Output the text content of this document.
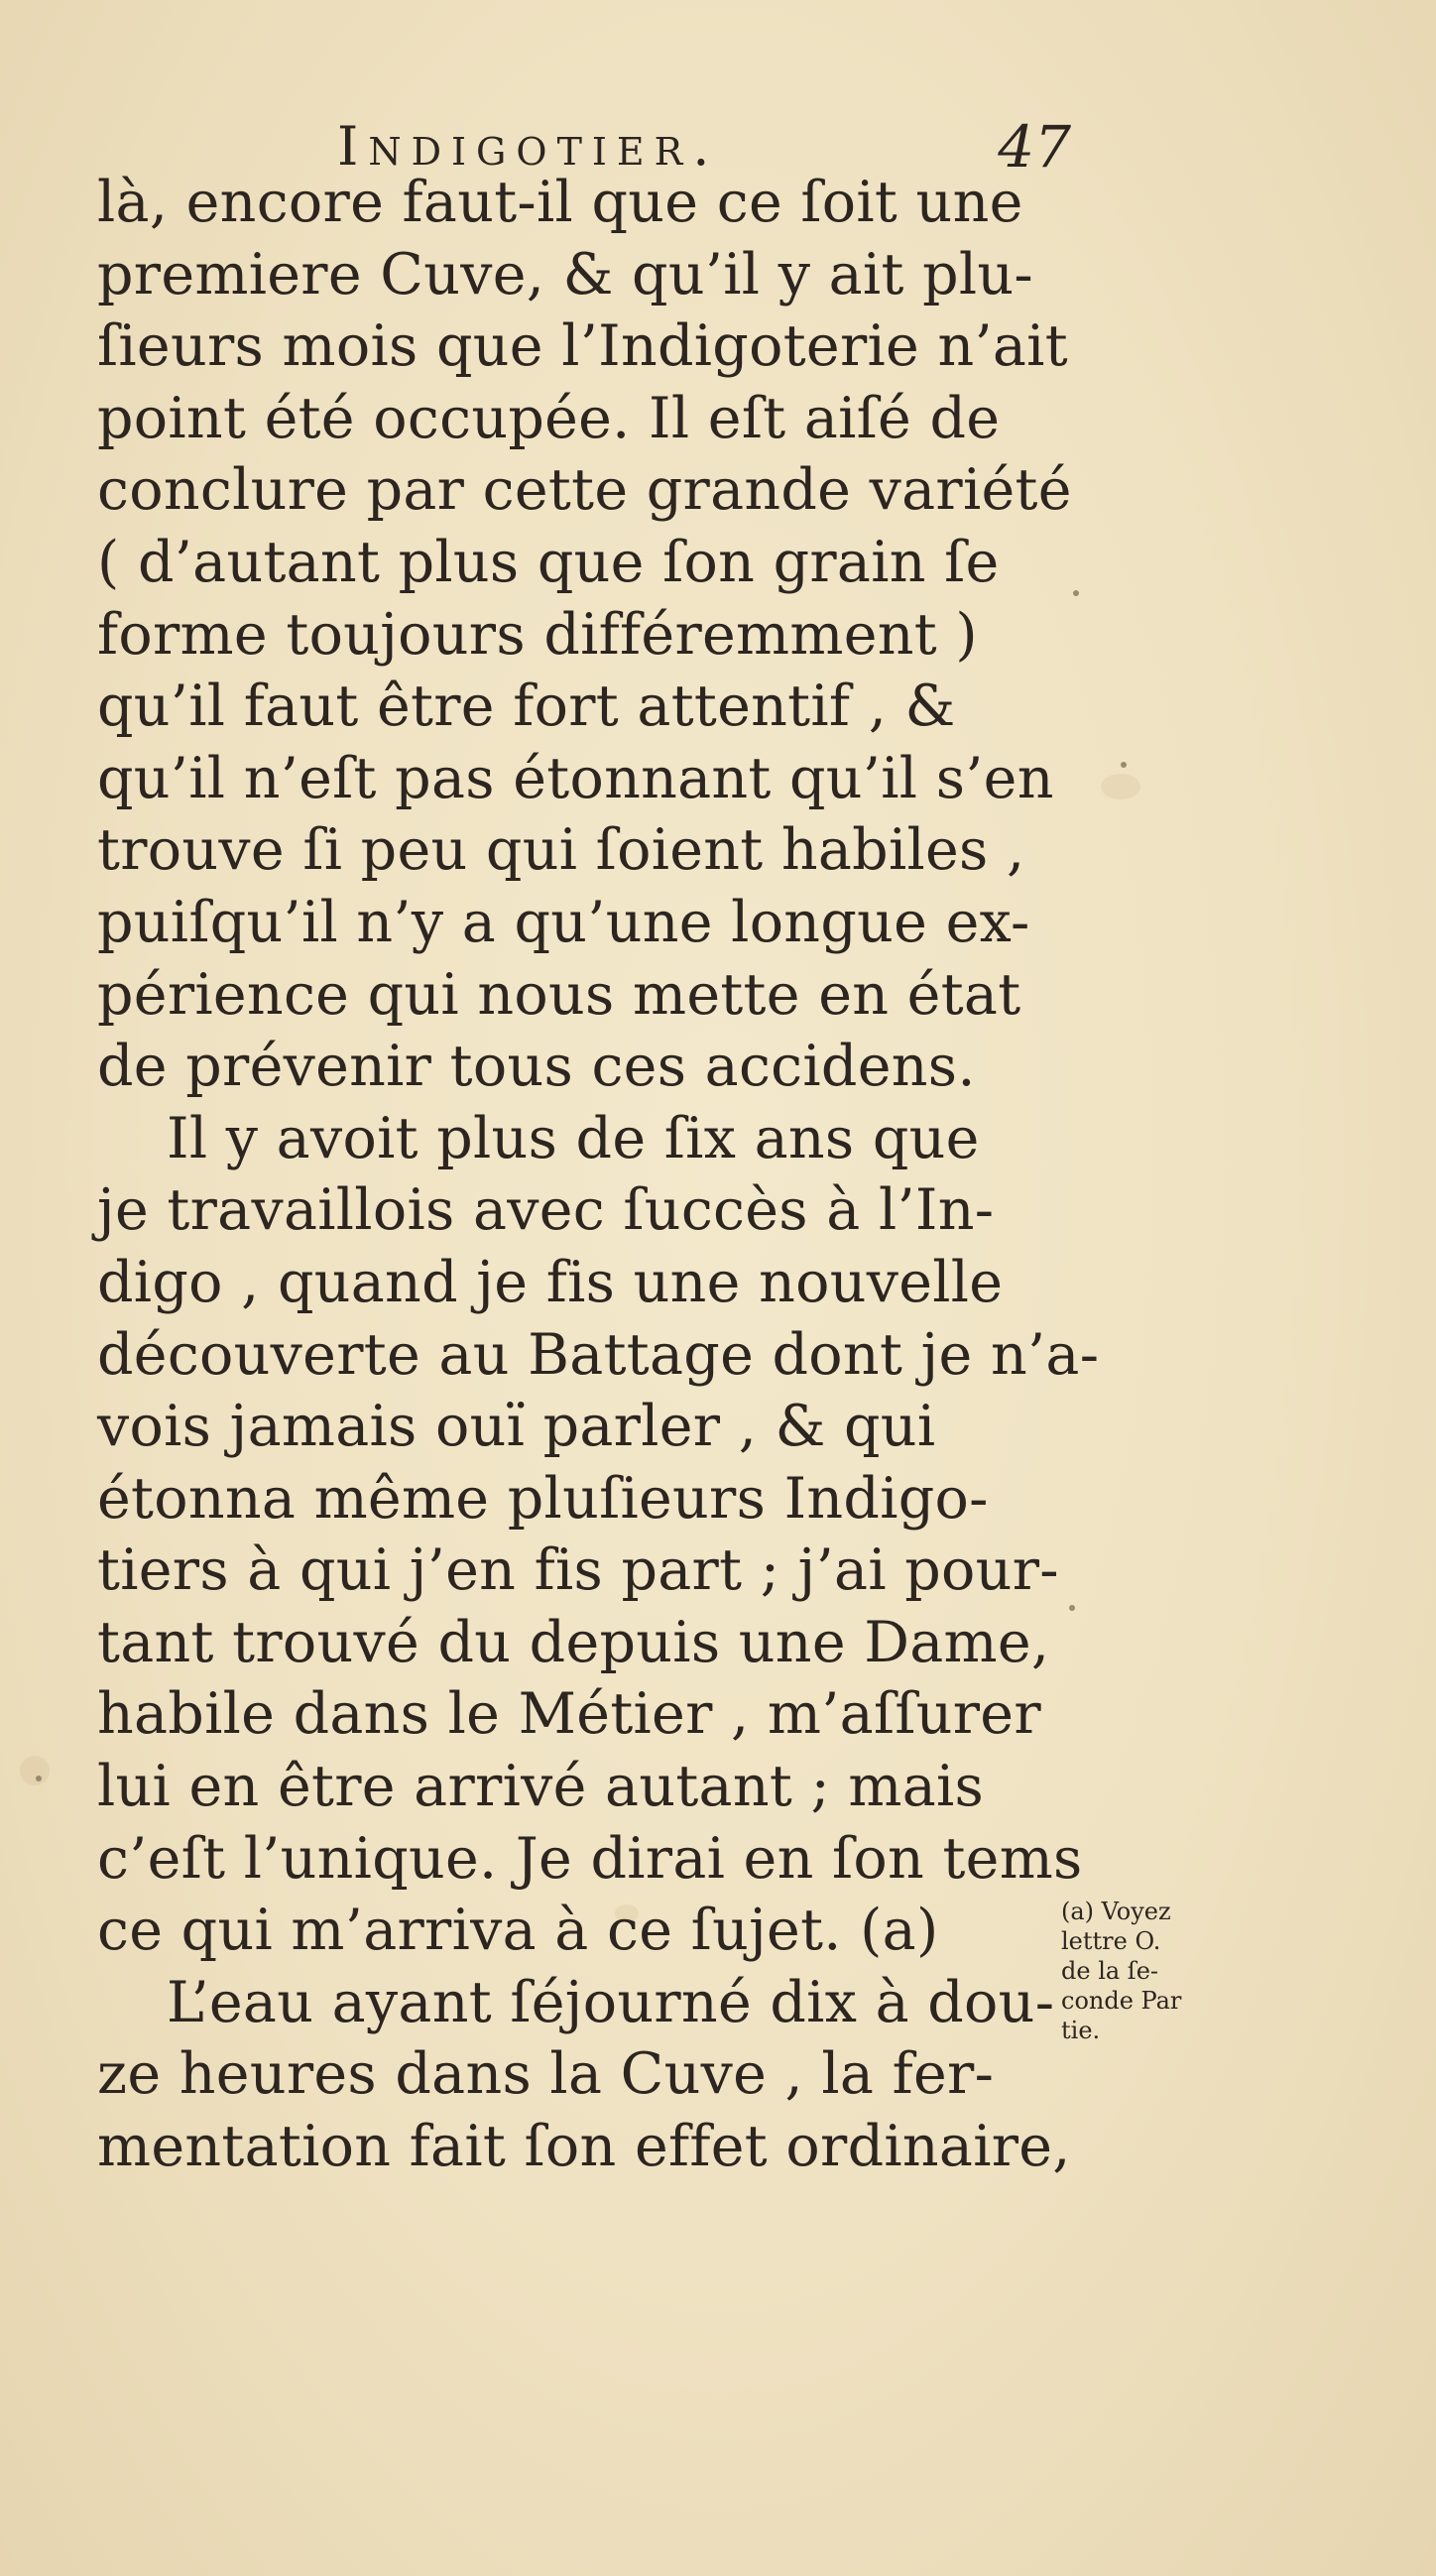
Indigotier.	47
là, encore faut-il que ce ſoit une
premiere Cuve, & qu’il y ait plu-
ſieurs mois que l’Indigoterie n’ait
point été occupée. Il eſt aiſé de
conclure par cette grande variété
( d’autant plus que ſon grain ſe
forme toujours différemment )
qu’il faut être fort attentif , &
qu’il n’eſt pas étonnant qu’il s’en
trouve ſi peu qui ſoient habiles ,
puiſqu’il n’y a qu’une longue ex-
périence qui nous mette en état
de prévenir tous ces accidens.
Il y avoit plus de ſix ans que
je travaillois avec ſuccès à l’In-
digo , quand je fis une nouvelle
découverte au Battage dont je n’a-
vois jamais ouï parler , & qui
étonna même pluſieurs Indigo-
tiers à qui j’en fis part ; j’ai pour-
tant trouvé du depuis une Dame,
habile dans le Métier , m’aſſurer
lui en être arrivé autant ; mais
c’eſt l’unique. Je dirai en ſon tems
ce qui m’arriva à ce ſujet. (a)
L’eau ayant ſéjourné dix à dou-
ze heures dans la Cuve , la fer-
mentation fait ſon effet ordinaire,
(a) Voyez
lettre O.
de la ſe-
conde Par
tie.
